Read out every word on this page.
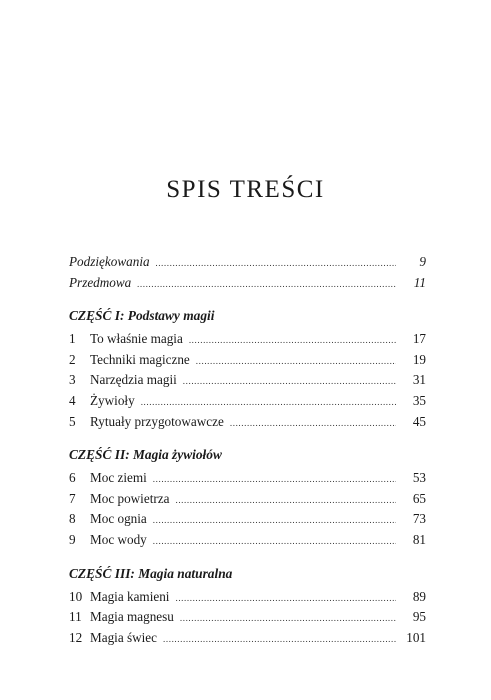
SPIS TREŚCI
Podziękowania .....	9
Przedmowa .....	11
CZĘŚĆ I: Podstawy magii
1	To właśnie magia .....	17
2	Techniki magiczne .....	19
3	Narzędzia magii .....	31
4	Żywioły .....	35
5	Rytuały przygotowawcze .....	45
CZĘŚĆ II: Magia żywiołów
6	Moc ziemi .....	53
7	Moc powietrza .....	65
8	Moc ognia .....	73
9	Moc wody .....	81
CZĘŚĆ III: Magia naturalna
10 Magia kamieni .....	89
11 Magia magnesu .....	95
12 Magia świec .....	101
